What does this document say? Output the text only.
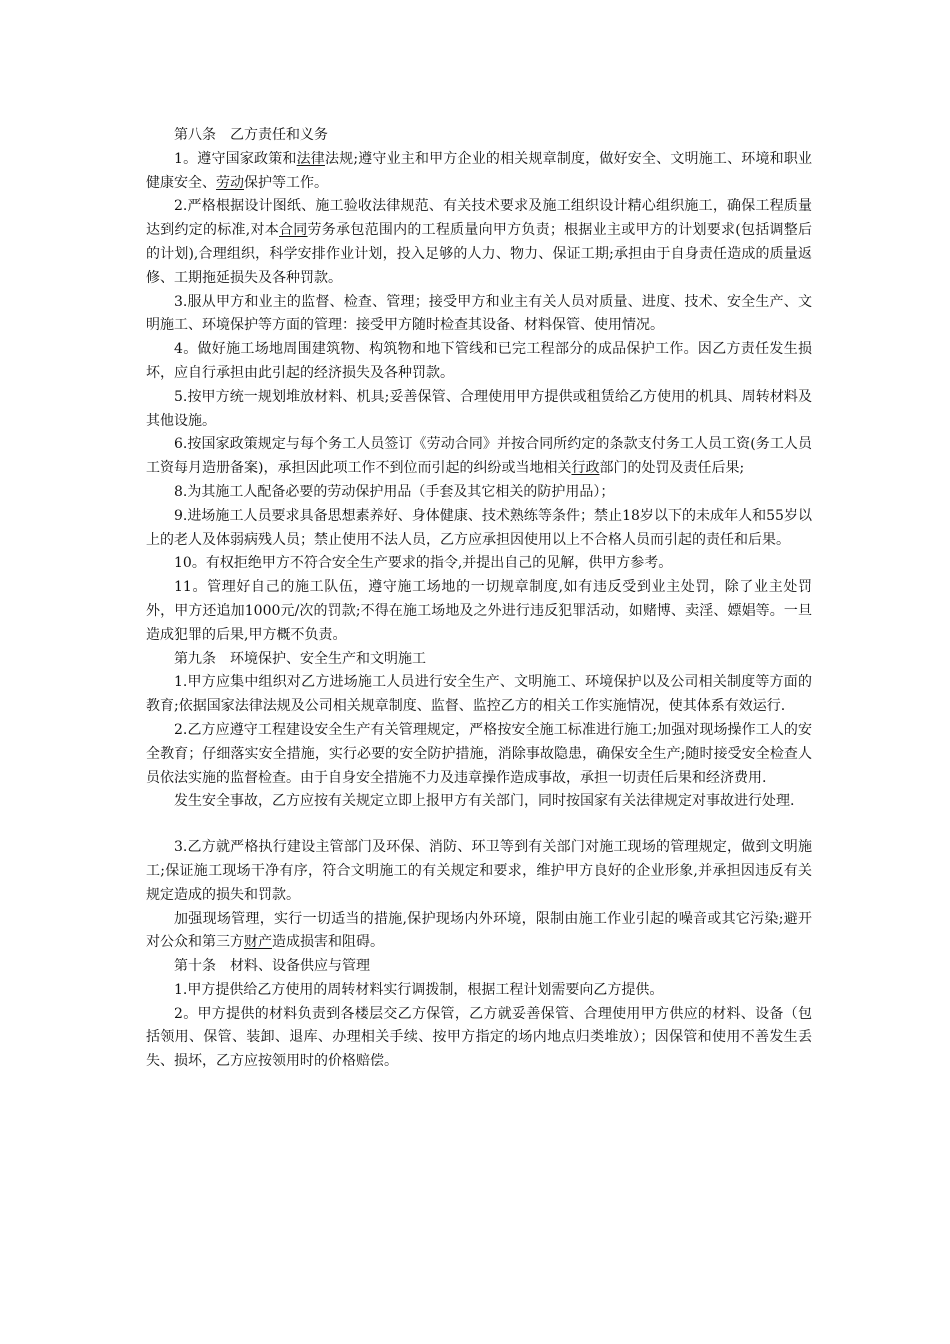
第八条　乙方责任和义务

1。遵守国家政策和法律法规;遵守业主和甲方企业的相关规章制度，做好安全、文明施工、环境和职业健康安全、劳动保护等工作。

2.严格根据设计图纸、施工验收法律规范、有关技术要求及施工组织设计精心组织施工，确保工程质量达到约定的标准,对本合同劳务承包范围内的工程质量向甲方负责；根据业主或甲方的计划要求(包括调整后的计划),合理组织，科学安排作业计划，投入足够的人力、物力、保证工期;承担由于自身责任造成的质量返修、工期拖延损失及各种罚款。

3.服从甲方和业主的监督、检查、管理；接受甲方和业主有关人员对质量、进度、技术、安全生产、文明施工、环境保护等方面的管理：接受甲方随时检查其设备、材料保管、使用情况。

4。做好施工场地周围建筑物、构筑物和地下管线和已完工程部分的成品保护工作。因乙方责任发生损坏，应自行承担由此引起的经济损失及各种罚款。

5.按甲方统一规划堆放材料、机具;妥善保管、合理使用甲方提供或租赁给乙方使用的机具、周转材料及其他设施。

6.按国家政策规定与每个务工人员签订《劳动合同》并按合同所约定的条款支付务工人员工资(务工人员工资每月造册备案)，承担因此项工作不到位而引起的纠纷或当地相关行政部门的处罚及责任后果;

8.为其施工人配备必要的劳动保护用品（手套及其它相关的防护用品）；

9.进场施工人员要求具备思想素养好、身体健康、技术熟练等条件；禁止18岁以下的未成年人和55岁以上的老人及体弱病残人员；禁止使用不法人员，乙方应承担因使用以上不合格人员而引起的责任和后果。

10。有权拒绝甲方不符合安全生产要求的指令,并提出自己的见解，供甲方参考。

11。管理好自己的施工队伍，遵守施工场地的一切规章制度,如有违反受到业主处罚，除了业主处罚外，甲方还追加1000元/次的罚款;不得在施工场地及之外进行违反犯罪活动，如赌博、卖淫、嫖娼等。一旦造成犯罪的后果,甲方概不负责。

第九条　环境保护、安全生产和文明施工

1.甲方应集中组织对乙方进场施工人员进行安全生产、文明施工、环境保护以及公司相关制度等方面的教育;依据国家法律法规及公司相关规章制度、监督、监控乙方的相关工作实施情况，使其体系有效运行.

2.乙方应遵守工程建设安全生产有关管理规定，严格按安全施工标准进行施工;加强对现场操作工人的安全教育；仔细落实安全措施，实行必要的安全防护措施，消除事故隐患，确保安全生产;随时接受安全检查人员依法实施的监督检查。由于自身安全措施不力及违章操作造成事故，承担一切责任后果和经济费用.

发生安全事故，乙方应按有关规定立即上报甲方有关部门，同时按国家有关法律规定对事故进行处理.

3.乙方就严格执行建设主管部门及环保、消防、环卫等到有关部门对施工现场的管理规定，做到文明施工;保证施工现场干净有序，符合文明施工的有关规定和要求，维护甲方良好的企业形象,并承担因违反有关规定造成的损失和罚款。

加强现场管理，实行一切适当的措施,保护现场内外环境，限制由施工作业引起的噪音或其它污染;避开对公众和第三方财产造成损害和阻碍。

第十条　材料、设备供应与管理

1.甲方提供给乙方使用的周转材料实行调拨制，根据工程计划需要向乙方提供。

2。甲方提供的材料负责到各楼层交乙方保管，乙方就妥善保管、合理使用甲方供应的材料、设备（包括领用、保管、装卸、退库、办理相关手续、按甲方指定的场内地点归类堆放）；因保管和使用不善发生丢失、损坏，乙方应按领用时的价格赔偿。
